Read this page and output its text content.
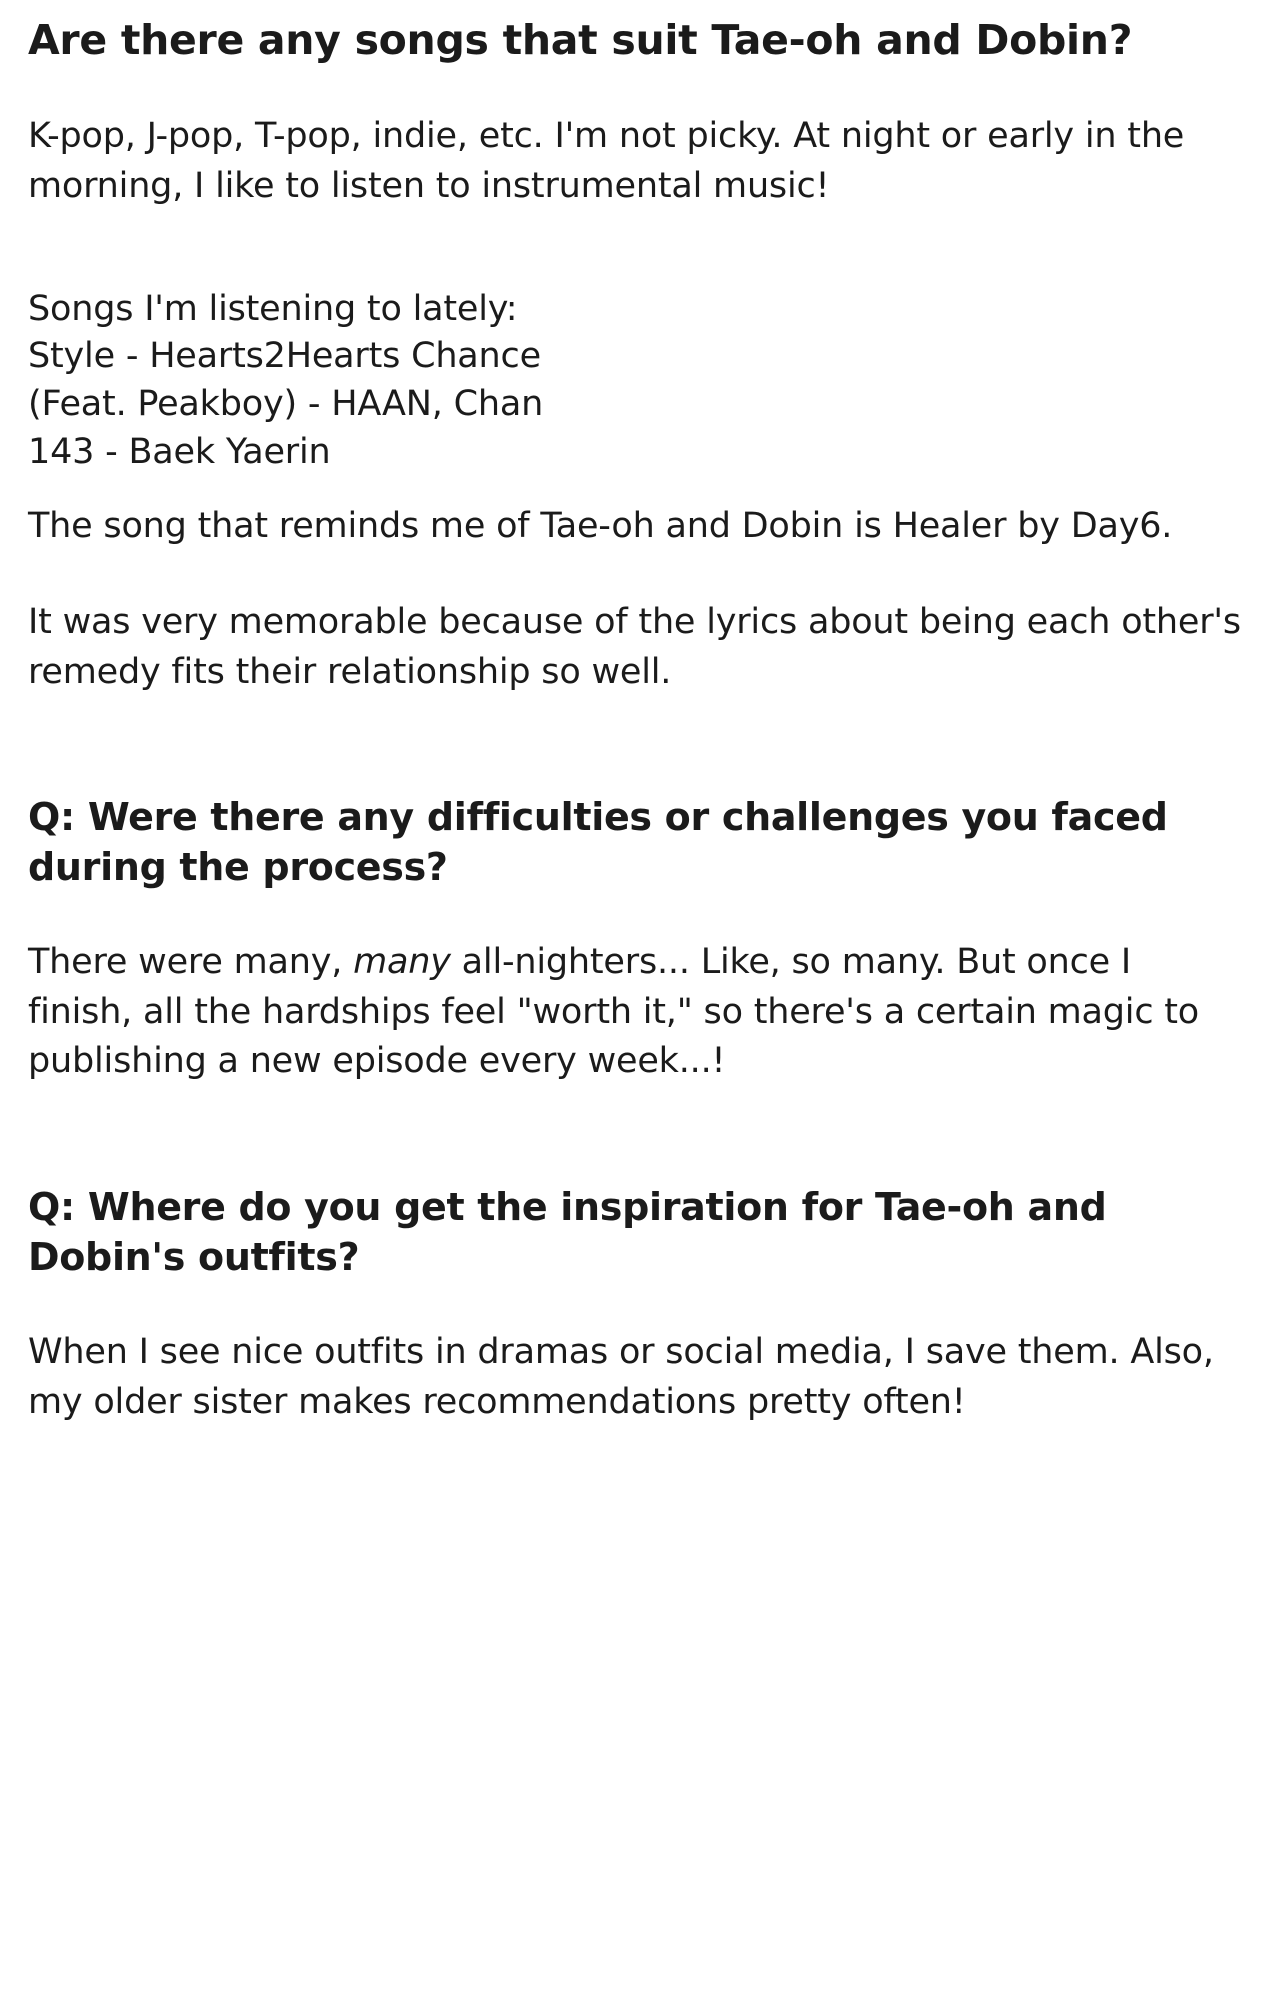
Are there any songs that suit Tae-oh and Dobin?

K-pop, J-pop, T-pop, indie, etc. I'm not picky. At night or early in the morning, I like to listen to instrumental music!

Songs I'm listening to lately:

Style - Hearts2Hearts Chance

(Feat. Peakboy) - HAAN, Chan

143 - Baek Yaerin

The song that reminds me of Tae-oh and Dobin is Healer by Day6.

It was very memorable because of the lyrics about being each other's remedy fits their relationship so well.

Q: Were there any difficulties or challenges you faced during the process?

There were many, many all-nighters... Like, so many. But once I finish, all the hardships feel "worth it," so there's a certain magic to publishing a new episode every week...!

Q: Where do you get the inspiration for Tae-oh and Dobin's outfits?

When I see nice outfits in dramas or social media, I save them. Also, my older sister makes recommendations pretty often!
